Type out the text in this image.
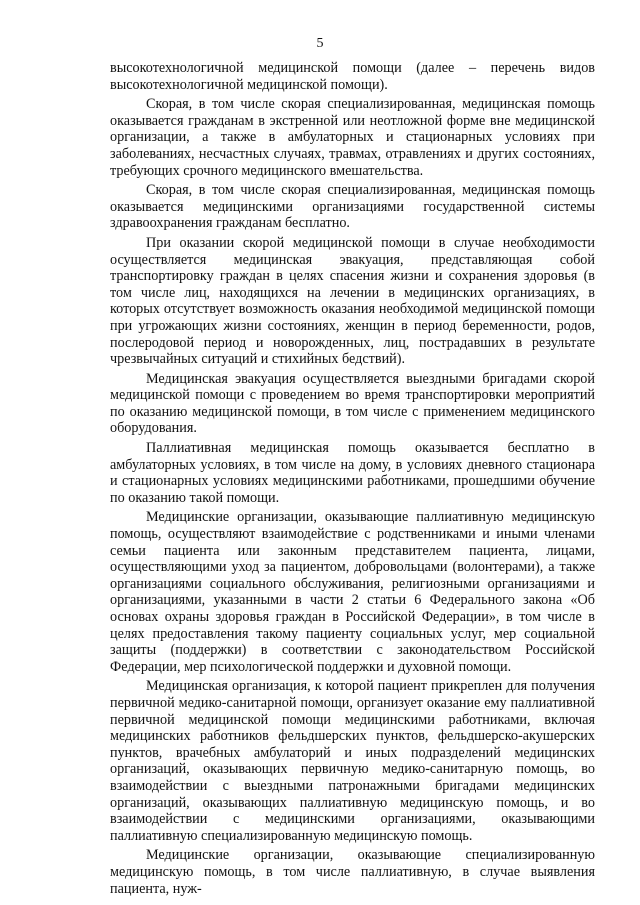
5

высокотехнологичной медицинской помощи (далее – перечень видов высокотехнологичной медицинской помощи).

Скорая, в том числе скорая специализированная, медицинская помощь оказывается гражданам в экстренной или неотложной форме вне медицинской организации, а также в амбулаторных и стационарных условиях при заболеваниях, несчастных случаях, травмах, отравлениях и других состояниях, требующих срочного медицинского вмешательства.

Скорая, в том числе скорая специализированная, медицинская помощь оказывается медицинскими организациями государственной системы здравоохранения гражданам бесплатно.

При оказании скорой медицинской помощи в случае необходимости осуществляется медицинская эвакуация, представляющая собой транспортировку граждан в целях спасения жизни и сохранения здоровья (в том числе лиц, находящихся на лечении в медицинских организациях, в которых отсутствует возможность оказания необходимой медицинской помощи при угрожающих жизни состояниях, женщин в период беременности, родов, послеродовой период и новорожденных, лиц, пострадавших в результате чрезвычайных ситуаций и стихийных бедствий).

Медицинская эвакуация осуществляется выездными бригадами скорой медицинской помощи с проведением во время транспортировки мероприятий по оказанию медицинской помощи, в том числе с применением медицинского оборудования.

Паллиативная медицинская помощь оказывается бесплатно в амбулаторных условиях, в том числе на дому, в условиях дневного стационара и стационарных условиях медицинскими работниками, прошедшими обучение по оказанию такой помощи.

Медицинские организации, оказывающие паллиативную медицинскую помощь, осуществляют взаимодействие с родственниками и иными членами семьи пациента или законным представителем пациента, лицами, осуществляющими уход за пациентом, добровольцами (волонтерами), а также организациями социального обслуживания, религиозными организациями и организациями, указанными в части 2 статьи 6 Федерального закона «Об основах охраны здоровья граждан в Российской Федерации», в том числе в целях предоставления такому пациенту социальных услуг, мер социальной защиты (поддержки) в соответствии с законодательством Российской Федерации, мер психологической поддержки и духовной помощи.

Медицинская организация, к которой пациент прикреплен для получения первичной медико-санитарной помощи, организует оказание ему паллиативной первичной медицинской помощи медицинскими работниками, включая медицинских работников фельдшерских пунктов, фельдшерско-акушерских пунктов, врачебных амбулаторий и иных подразделений медицинских организаций, оказывающих первичную медико-санитарную помощь, во взаимодействии с выездными патронажными бригадами медицинских организаций, оказывающих паллиативную медицинскую помощь, и во взаимодействии с медицинскими организациями, оказывающими паллиативную специализированную медицинскую помощь.

Медицинские организации, оказывающие специализированную медицинскую помощь, в том числе паллиативную, в случае выявления пациента, нуж-
